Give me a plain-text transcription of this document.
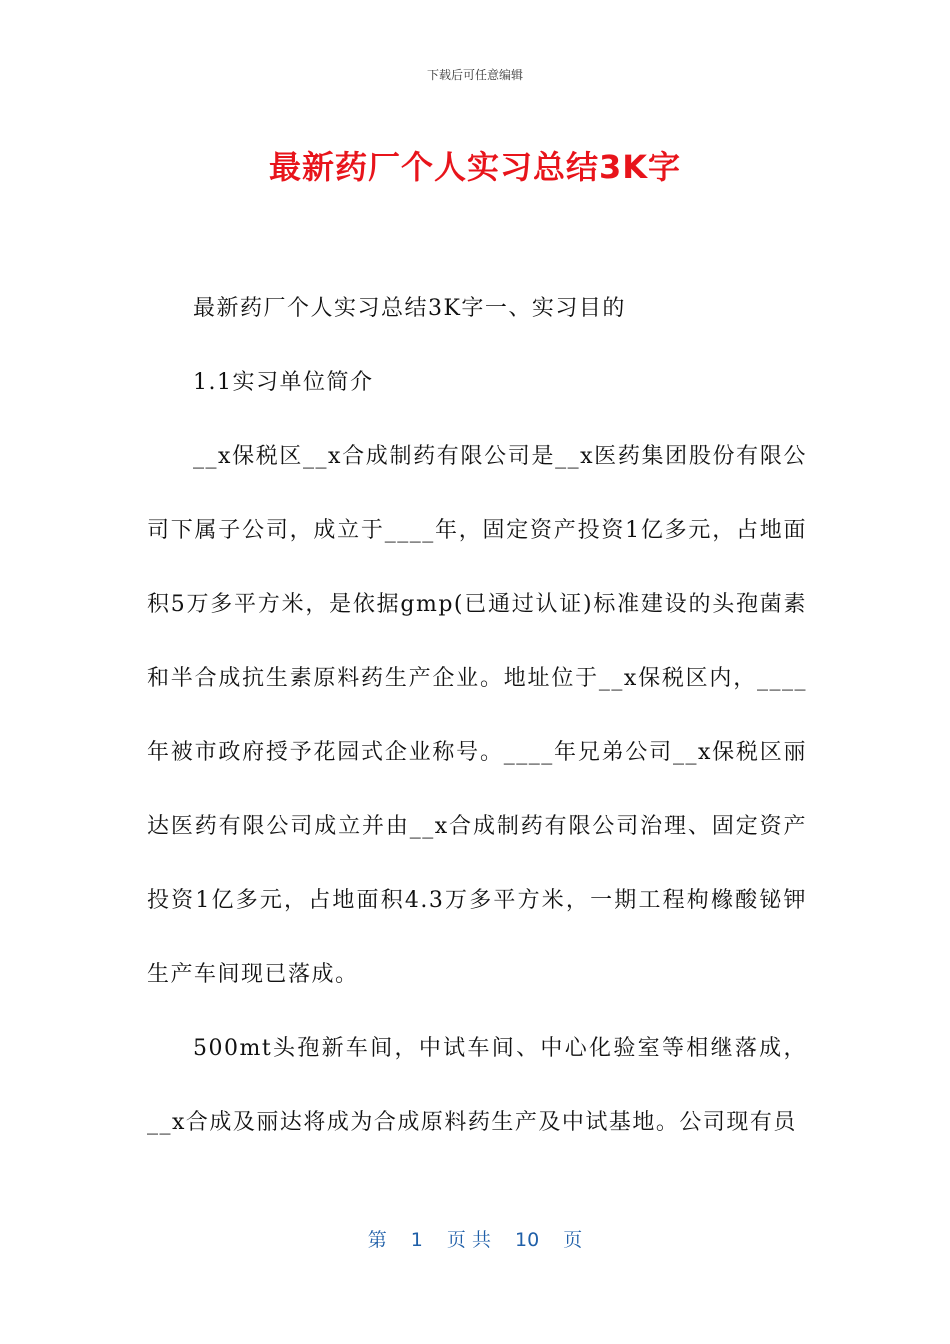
下载后可任意编辑
最新药厂个人实习总结3K字

最新药厂个人实习总结3K字一、实习目的

1.1实习单位简介

__x保税区__x合成制药有限公司是__x医药集团股份有限公司下属子公司，成立于____年，固定资产投资1亿多元，占地面积5万多平方米，是依据gmp(已通过认证)标准建设的头孢菌素和半合成抗生素原料药生产企业。地址位于__x保税区内，____年被市政府授予花园式企业称号。____年兄弟公司__x保税区丽达医药有限公司成立并由__x合成制药有限公司治理、固定资产投资1亿多元，占地面积4.3万多平方米，一期工程枸橼酸铋钾生产车间现已落成。

500mt头孢新车间，中试车间、中心化验室等相继落成，__x合成及丽达将成为合成原料药生产及中试基地。公司现有员

第 1 页 共 10 页
